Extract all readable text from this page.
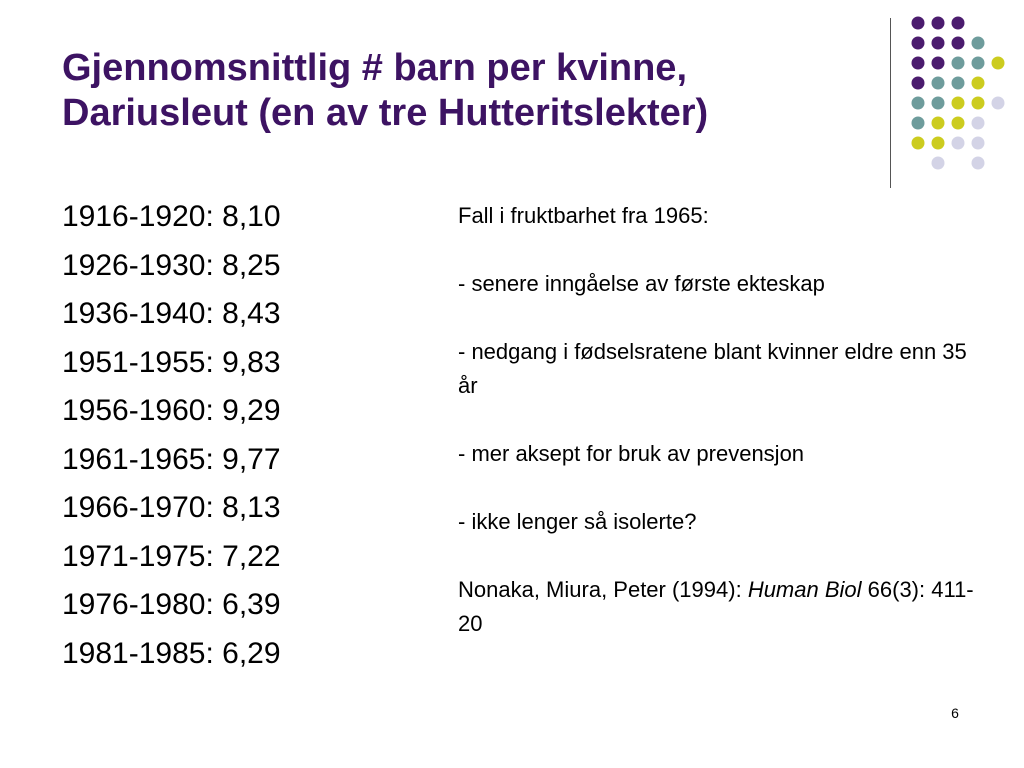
Gjennomsnittlig # barn per kvinne,
Dariusleut (en av tre Hutteritslekter)
1916-1920: 8,10
1926-1930: 8,25
1936-1940: 8,43
1951-1955: 9,83
1956-1960: 9,29
1961-1965: 9,77
1966-1970: 8,13
1971-1975: 7,22
1976-1980: 6,39
1981-1985: 6,29

Fall i fruktbarhet fra 1965:

- senere inngåelse av første ekteskap

- nedgang i fødselsratene blant kvinner eldre enn 35 år

- mer aksept for bruk av prevensjon

- ikke lenger så isolerte?

Nonaka, Miura, Peter (1994): Human Biol 66(3): 411-20

6
